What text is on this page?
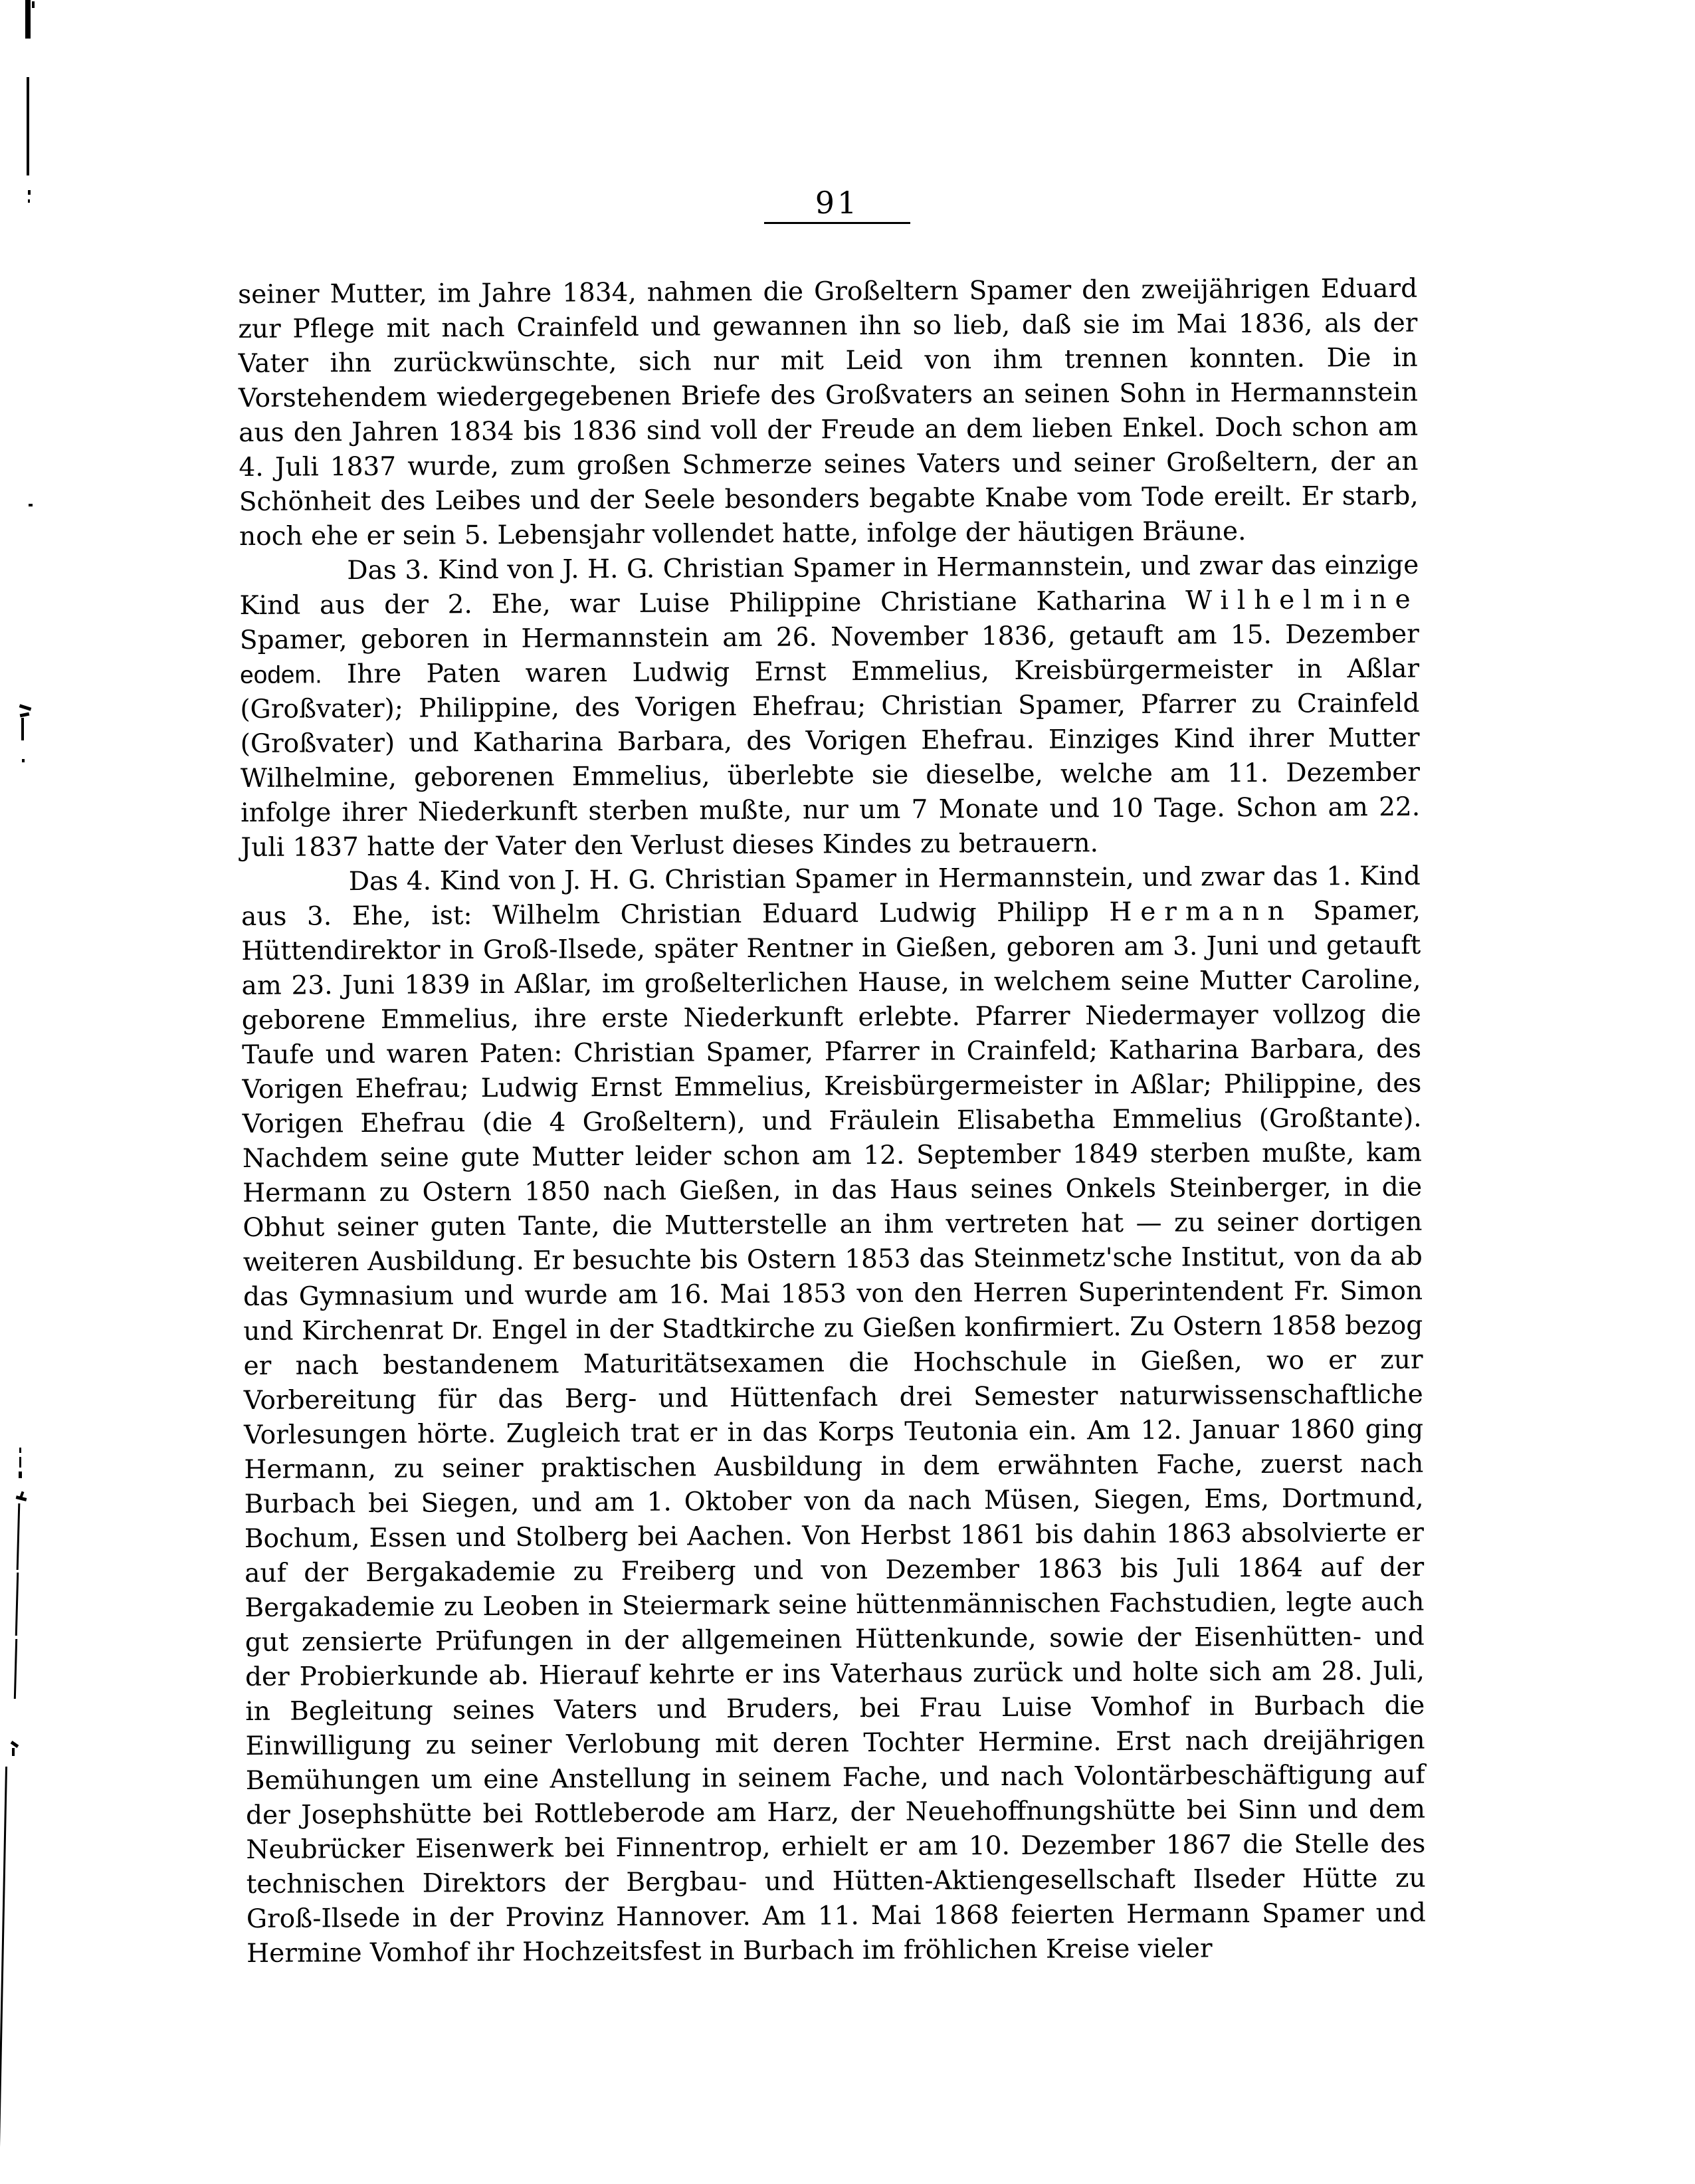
91

seiner Mutter, im Jahre 1834, nahmen die Großeltern Spamer den zweijährigen Eduard zur Pflege mit nach Crainfeld und gewannen ihn so lieb, daß sie im Mai 1836, als der Vater ihn zurückwünschte, sich nur mit Leid von ihm trennen konnten. Die in Vorstehendem wiedergegebenen Briefe des Großvaters an seinen Sohn in Hermannstein aus den Jahren 1834 bis 1836 sind voll der Freude an dem lieben Enkel. Doch schon am 4. Juli 1837 wurde, zum großen Schmerze seines Vaters und seiner Großeltern, der an Schönheit des Leibes und der Seele besonders begabte Knabe vom Tode ereilt. Er starb, noch ehe er sein 5. Lebensjahr vollendet hatte, infolge der häutigen Bräune.

Das 3. Kind von J. H. G. Christian Spamer in Hermannstein, und zwar das einzige Kind aus der 2. Ehe, war Luise Philippine Christiane Katharina Wilhelmine Spamer, geboren in Hermannstein am 26. November 1836, getauft am 15. Dezember eodem. Ihre Paten waren Ludwig Ernst Emmelius, Kreisbürgermeister in Aßlar (Großvater); Philippine, des Vorigen Ehefrau; Christian Spamer, Pfarrer zu Crainfeld (Großvater) und Katharina Barbara, des Vorigen Ehefrau. Einziges Kind ihrer Mutter Wilhelmine, geborenen Emmelius, überlebte sie dieselbe, welche am 11. Dezember infolge ihrer Niederkunft sterben mußte, nur um 7 Monate und 10 Tage. Schon am 22. Juli 1837 hatte der Vater den Verlust dieses Kindes zu betrauern.

Das 4. Kind von J. H. G. Christian Spamer in Hermannstein, und zwar das 1. Kind aus 3. Ehe, ist: Wilhelm Christian Eduard Ludwig Philipp Hermann Spamer, Hüttendirektor in Groß-Ilsede, später Rentner in Gießen, geboren am 3. Juni und getauft am 23. Juni 1839 in Aßlar, im großelterlichen Hause, in welchem seine Mutter Caroline, geborene Emmelius, ihre erste Niederkunft erlebte. Pfarrer Niedermayer vollzog die Taufe und waren Paten: Christian Spamer, Pfarrer in Crainfeld; Katharina Barbara, des Vorigen Ehefrau; Ludwig Ernst Emmelius, Kreisbürgermeister in Aßlar; Philippine, des Vorigen Ehefrau (die 4 Großeltern), und Fräulein Elisabetha Emmelius (Großtante). Nachdem seine gute Mutter leider schon am 12. September 1849 sterben mußte, kam Hermann zu Ostern 1850 nach Gießen, in das Haus seines Onkels Steinberger, in die Obhut seiner guten Tante, die Mutterstelle an ihm vertreten hat — zu seiner dortigen weiteren Ausbildung. Er besuchte bis Ostern 1853 das Steinmetz'sche Institut, von da ab das Gymnasium und wurde am 16. Mai 1853 von den Herren Superintendent Fr. Simon und Kirchenrat Dr. Engel in der Stadtkirche zu Gießen konfirmiert. Zu Ostern 1858 bezog er nach bestandenem Maturitätsexamen die Hochschule in Gießen, wo er zur Vorbereitung für das Berg- und Hüttenfach drei Semester naturwissenschaftliche Vorlesungen hörte. Zugleich trat er in das Korps Teutonia ein. Am 12. Januar 1860 ging Hermann, zu seiner praktischen Ausbildung in dem erwähnten Fache, zuerst nach Burbach bei Siegen, und am 1. Oktober von da nach Müsen, Siegen, Ems, Dortmund, Bochum, Essen und Stolberg bei Aachen. Von Herbst 1861 bis dahin 1863 absolvierte er auf der Bergakademie zu Freiberg und von Dezember 1863 bis Juli 1864 auf der Bergakademie zu Leoben in Steiermark seine hüttenmännischen Fachstudien, legte auch gut zensierte Prüfungen in der allgemeinen Hüttenkunde, sowie der Eisenhütten- und der Probierkunde ab. Hierauf kehrte er ins Vaterhaus zurück und holte sich am 28. Juli, in Begleitung seines Vaters und Bruders, bei Frau Luise Vomhof in Burbach die Einwilligung zu seiner Verlobung mit deren Tochter Hermine. Erst nach dreijährigen Bemühungen um eine Anstellung in seinem Fache, und nach Volontärbeschäftigung auf der Josephshütte bei Rottleberode am Harz, der Neuehoffnungshütte bei Sinn und dem Neubrücker Eisenwerk bei Finnentrop, erhielt er am 10. Dezember 1867 die Stelle des technischen Direktors der Bergbau- und Hütten-Aktiengesellschaft Ilseder Hütte zu Groß-Ilsede in der Provinz Hannover. Am 11. Mai 1868 feierten Hermann Spamer und Hermine Vomhof ihr Hochzeitsfest in Burbach im fröhlichen Kreise vieler
